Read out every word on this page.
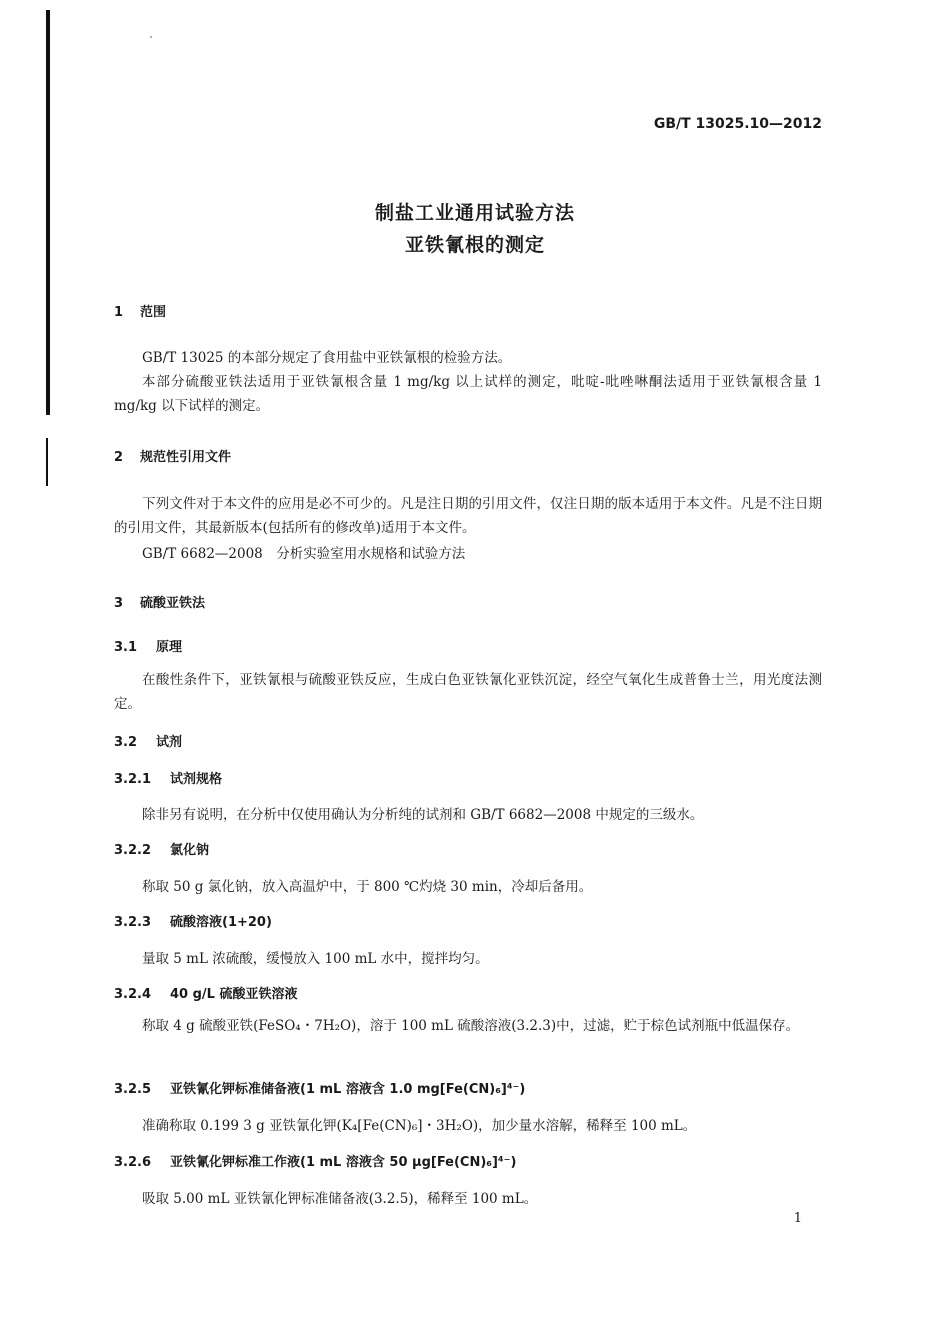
GB/T 13025.10—2012
制盐工业通用试验方法
亚铁氰根的测定
1 范围
GB/T 13025 的本部分规定了食用盐中亚铁氰根的检验方法。
本部分硫酸亚铁法适用于亚铁氰根含量 1 mg/kg 以上试样的测定，吡啶-吡唑啉酮法适用于亚铁氰根含量 1 mg/kg 以下试样的测定。
2 规范性引用文件
下列文件对于本文件的应用是必不可少的。凡是注日期的引用文件，仅注日期的版本适用于本文件。凡是不注日期的引用文件，其最新版本(包括所有的修改单)适用于本文件。
GB/T 6682—2008　分析实验室用水规格和试验方法
3 硫酸亚铁法
3.1 原理
在酸性条件下，亚铁氰根与硫酸亚铁反应，生成白色亚铁氰化亚铁沉淀，经空气氧化生成普鲁士兰，用光度法测定。
3.2 试剂
3.2.1 试剂规格
除非另有说明，在分析中仅使用确认为分析纯的试剂和 GB/T 6682—2008 中规定的三级水。
3.2.2 氯化钠
称取 50 g 氯化钠，放入高温炉中，于 800 ℃灼烧 30 min，冷却后备用。
3.2.3 硫酸溶液(1+20)
量取 5 mL 浓硫酸，缓慢放入 100 mL 水中，搅拌均匀。
3.2.4 40 g/L 硫酸亚铁溶液
称取 4 g 硫酸亚铁(FeSO₄・7H₂O)，溶于 100 mL 硫酸溶液(3.2.3)中，过滤，贮于棕色试剂瓶中低温保存。
3.2.5 亚铁氰化钾标准储备液(1 mL 溶液含 1.0 mg[Fe(CN)₆]⁴⁻)
准确称取 0.199 3 g 亚铁氰化钾(K₄[Fe(CN)₆]・3H₂O)，加少量水溶解，稀释至 100 mL。
3.2.6 亚铁氰化钾标准工作液(1 mL 溶液含 50 μg[Fe(CN)₆]⁴⁻)
吸取 5.00 mL 亚铁氰化钾标准储备液(3.2.5)，稀释至 100 mL。
1
